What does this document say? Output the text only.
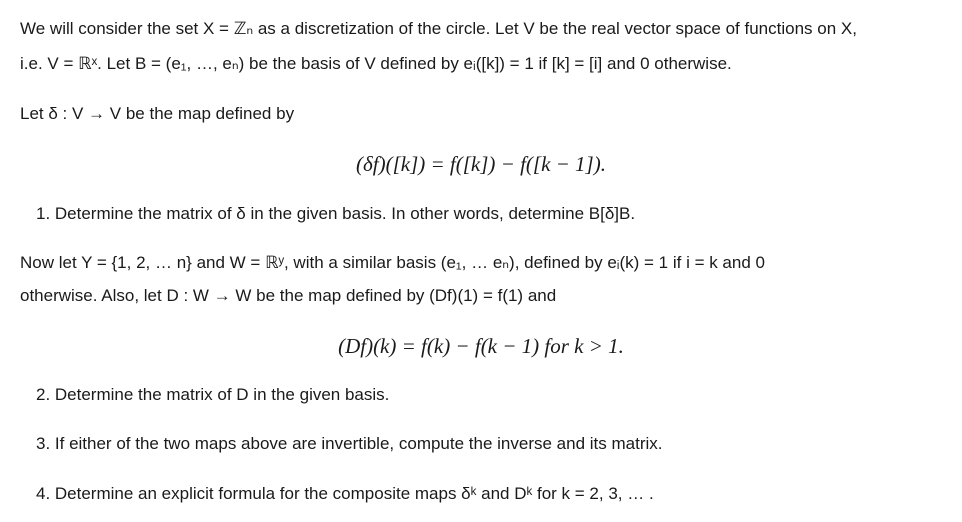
We will consider the set X = ℤₙ as a discretization of the circle. Let V be the real vector space of functions on X,
i.e. V = ℝˣ. Let B = (e₁, …, eₙ) be the basis of V defined by eᵢ([k]) = 1 if [k] = [i] and 0 otherwise.
Let δ : V → V be the map defined by
(δf)([k]) = f([k]) − f([k − 1]).
1. Determine the matrix of δ in the given basis. In other words, determine B[δ]B.
Now let Y = {1, 2, … n} and W = ℝʸ, with a similar basis (e₁, … eₙ), defined by eᵢ(k) = 1 if i = k and 0
otherwise. Also, let D : W → W be the map defined by (Df)(1) = f(1) and
(Df)(k) = f(k) − f(k − 1) for k > 1.
2. Determine the matrix of D in the given basis.
3. If either of the two maps above are invertible, compute the inverse and its matrix.
4. Determine an explicit formula for the composite maps δᵏ and Dᵏ for k = 2, 3, … .
